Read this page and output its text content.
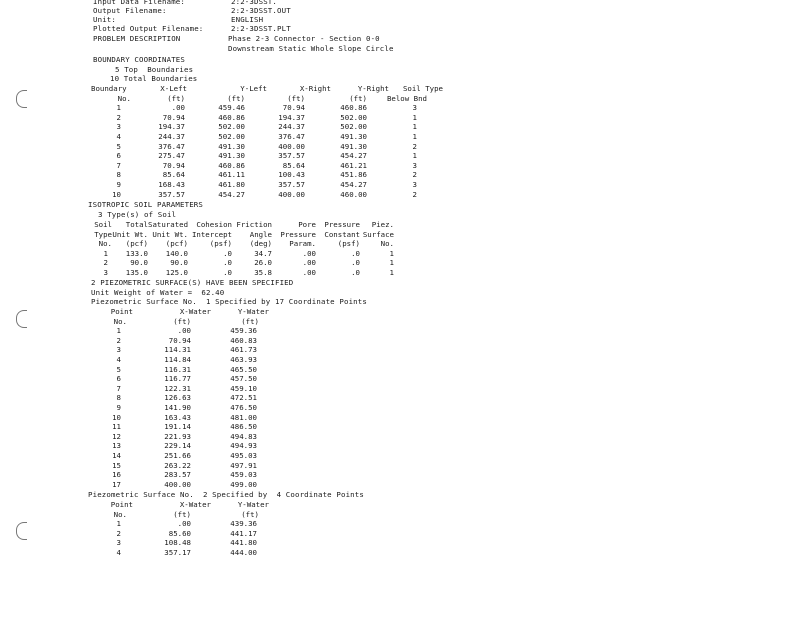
Input Data Filename:	2:2-3DSST.
Output Filename:	2:2-3DSST.OUT
Unit:	ENGLISH
Plotted Output Filename:	2:2-3DSST.PLT
PROBLEM DESCRIPTION	Phase 2-3 Connector - Section 0-0
Downstream Static Whole Slope Circle
BOUNDARY COORDINATES
5 Top  Boundaries
10 Total Boundaries
Boundary	X-Left	Y-Left	X-Right	Y-Right	Soil Type
No.	(ft)	(ft)	(ft)	(ft)	Below Bnd
1	.00	459.46	70.94	460.86	3
2	70.94	460.86	194.37	502.00	1
3	194.37	502.00	244.37	502.00	1
4	244.37	502.00	376.47	491.30	1
5	376.47	491.30	400.00	491.30	2
6	275.47	491.30	357.57	454.27	1
7	70.94	460.86	85.64	461.21	3
8	85.64	461.11	100.43	451.86	2
9	168.43	461.80	357.57	454.27	3
10	357.57	454.27	400.00	460.00	2
ISOTROPIC SOIL PARAMETERS
3 Type(s) of Soil
Soil	Total Saturated	Cohesion Friction	Pore	Pressure	Piez.
Type Unit Wt. Unit Wt. Intercept	Angle	Pressure	Constant Surface
No.	(pcf)	(pcf)	(psf)	(deg)	Param.	(psf)	No.
1	133.0	140.0	.0	34.7	.00	.0	1
2	90.0	90.0	.0	26.0	.00	.0	1
3	135.0	125.0	.0	35.8	.00	.0	1
2 PIEZOMETRIC SURFACE(S) HAVE BEEN SPECIFIED
Unit Weight of Water =  62.40
Piezometric Surface No.  1 Specified by 17 Coordinate Points
Point	X-Water	Y-Water
No.	(ft)	(ft)
1	.00	459.36
2	70.94	460.83
3	114.31	461.73
4	114.84	463.93
5	116.31	465.50
6	116.77	457.50
7	122.31	459.10
8	126.63	472.51
9	141.90	476.50
10	163.43	481.00
11	191.14	486.50
12	221.93	494.83
13	229.14	494.93
14	251.66	495.03
15	263.22	497.91
16	283.57	459.03
17	400.00	499.00
Piezometric Surface No.  2 Specified by  4 Coordinate Points
Point	X-Water	Y-Water
No.	(ft)	(ft)
1	.00	439.36
2	85.60	441.17
3	108.48	441.80
4	357.17	444.00
